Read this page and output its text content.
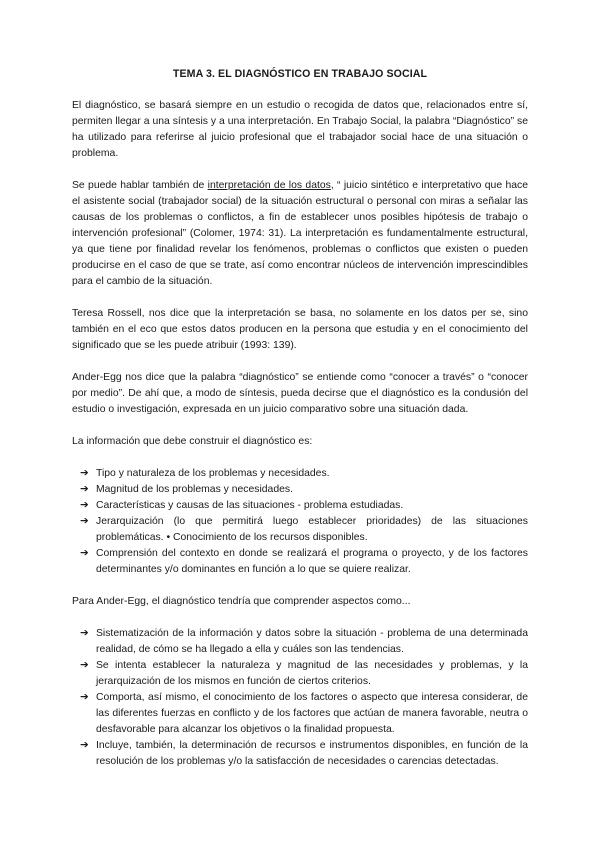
TEMA 3. EL DIAGNÓSTICO EN TRABAJO SOCIAL

El diagnóstico, se basará siempre en un estudio o recogida de datos que, relacionados entre sí, permiten llegar a una síntesis y a una interpretación. En Trabajo Social, la palabra “Diagnóstico” se ha utilizado para referirse al juicio profesional que el trabajador social hace de una situación o problema.

Se puede hablar también de interpretación de los datos, “ juicio sintético e interpretativo que hace el asistente social (trabajador social) de la situación estructural o personal con miras a señalar las causas de los problemas o conflictos, a fin de establecer unos posibles hipótesis de trabajo o intervención profesional” (Colomer, 1974: 31). La interpretación es fundamentalmente estructural, ya que tiene por finalidad revelar los fenómenos, problemas o conflictos que existen o pueden producirse en el caso de que se trate, así como encontrar núcleos de intervención imprescindibles para el cambio de la situación.

Teresa Rossell, nos dice que la interpretación se basa, no solamente en los datos per se, sino también en el eco que estos datos producen en la persona que estudia y en el conocimiento del significado que se les puede atribuir (1993: 139).

Ander-Egg nos dice que la palabra “diagnóstico” se entiende como “conocer a través” o “conocer por medio”. De ahí que, a modo de síntesis, pueda decirse que el diagnóstico es la condusión del estudio o investigación, expresada en un juicio comparativo sobre una situación dada.

La información que debe construir el diagnóstico es:

➔ Tipo y naturaleza de los problemas y necesidades.
➔ Magnitud de los problemas y necesidades.
➔ Características y causas de las situaciones - problema estudiadas.
➔ Jerarquización (lo que permitirá luego establecer prioridades) de las situaciones problemáticas. • Conocimiento de los recursos disponibles.
➔ Comprensión del contexto en donde se realizará el programa o proyecto, y de los factores determinantes y/o dominantes en función a lo que se quiere realizar.

Para Ander-Egg, el diagnóstico tendría que comprender aspectos como...

➔ Sistematización de la información y datos sobre la situación - problema de una determinada realidad, de cómo se ha llegado a ella y cuáles son las tendencias.
➔ Se intenta establecer la naturaleza y magnitud de las necesidades y problemas, y la jerarquización de los mismos en función de ciertos criterios.
➔ Comporta, así mismo, el conocimiento de los factores o aspecto que interesa considerar, de las diferentes fuerzas en conflicto y de los factores que actúan de manera favorable, neutra o desfavorable para alcanzar los objetivos o la finalidad propuesta.
➔ Incluye, también, la determinación de recursos e instrumentos disponibles, en función de la resolución de los problemas y/o la satisfacción de necesidades o carencias detectadas.
